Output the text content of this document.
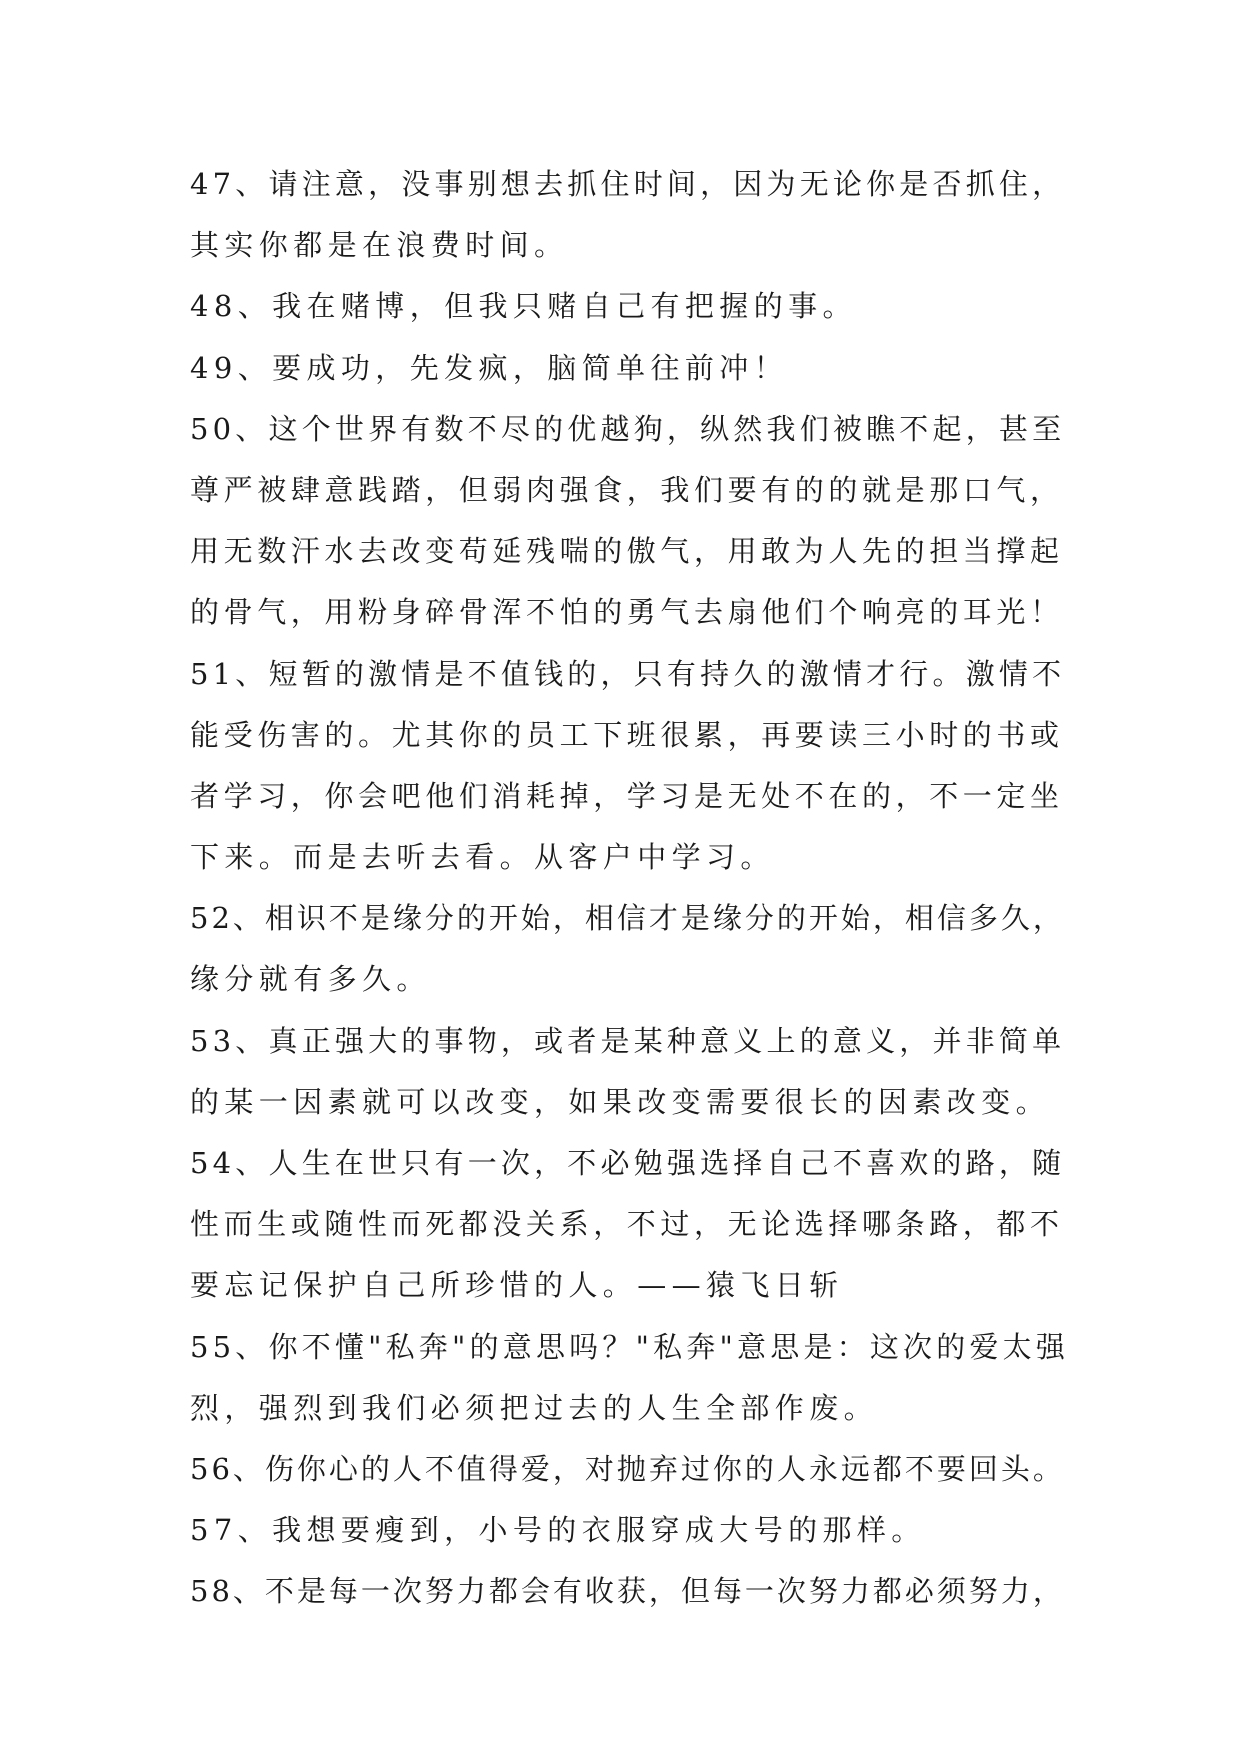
47、请注意，没事别想去抓住时间，因为无论你是否抓住，
其实你都是在浪费时间。
48、我在赌博，但我只赌自己有把握的事。
49、要成功，先发疯，脑简单往前冲！
50、这个世界有数不尽的优越狗，纵然我们被瞧不起，甚至
尊严被肆意践踏，但弱肉强食，我们要有的的就是那口气，
用无数汗水去改变苟延残喘的傲气，用敢为人先的担当撑起
的骨气，用粉身碎骨浑不怕的勇气去扇他们个响亮的耳光！
51、短暂的激情是不值钱的，只有持久的激情才行。激情不
能受伤害的。尤其你的员工下班很累，再要读三小时的书或
者学习，你会吧他们消耗掉，学习是无处不在的，不一定坐
下来。而是去听去看。从客户中学习。
52、相识不是缘分的开始，相信才是缘分的开始，相信多久，
缘分就有多久。
53、真正强大的事物，或者是某种意义上的意义，并非简单
的某一因素就可以改变，如果改变需要很长的因素改变。
54、人生在世只有一次，不必勉强选择自己不喜欢的路，随
性而生或随性而死都没关系，不过，无论选择哪条路，都不
要忘记保护自己所珍惜的人。——猿飞日斩
55、你不懂"私奔"的意思吗？"私奔"意思是：这次的爱太强
烈，强烈到我们必须把过去的人生全部作废。
56、伤你心的人不值得爱，对抛弃过你的人永远都不要回头。
57、我想要瘦到，小号的衣服穿成大号的那样。
58、不是每一次努力都会有收获，但每一次努力都必须努力，
